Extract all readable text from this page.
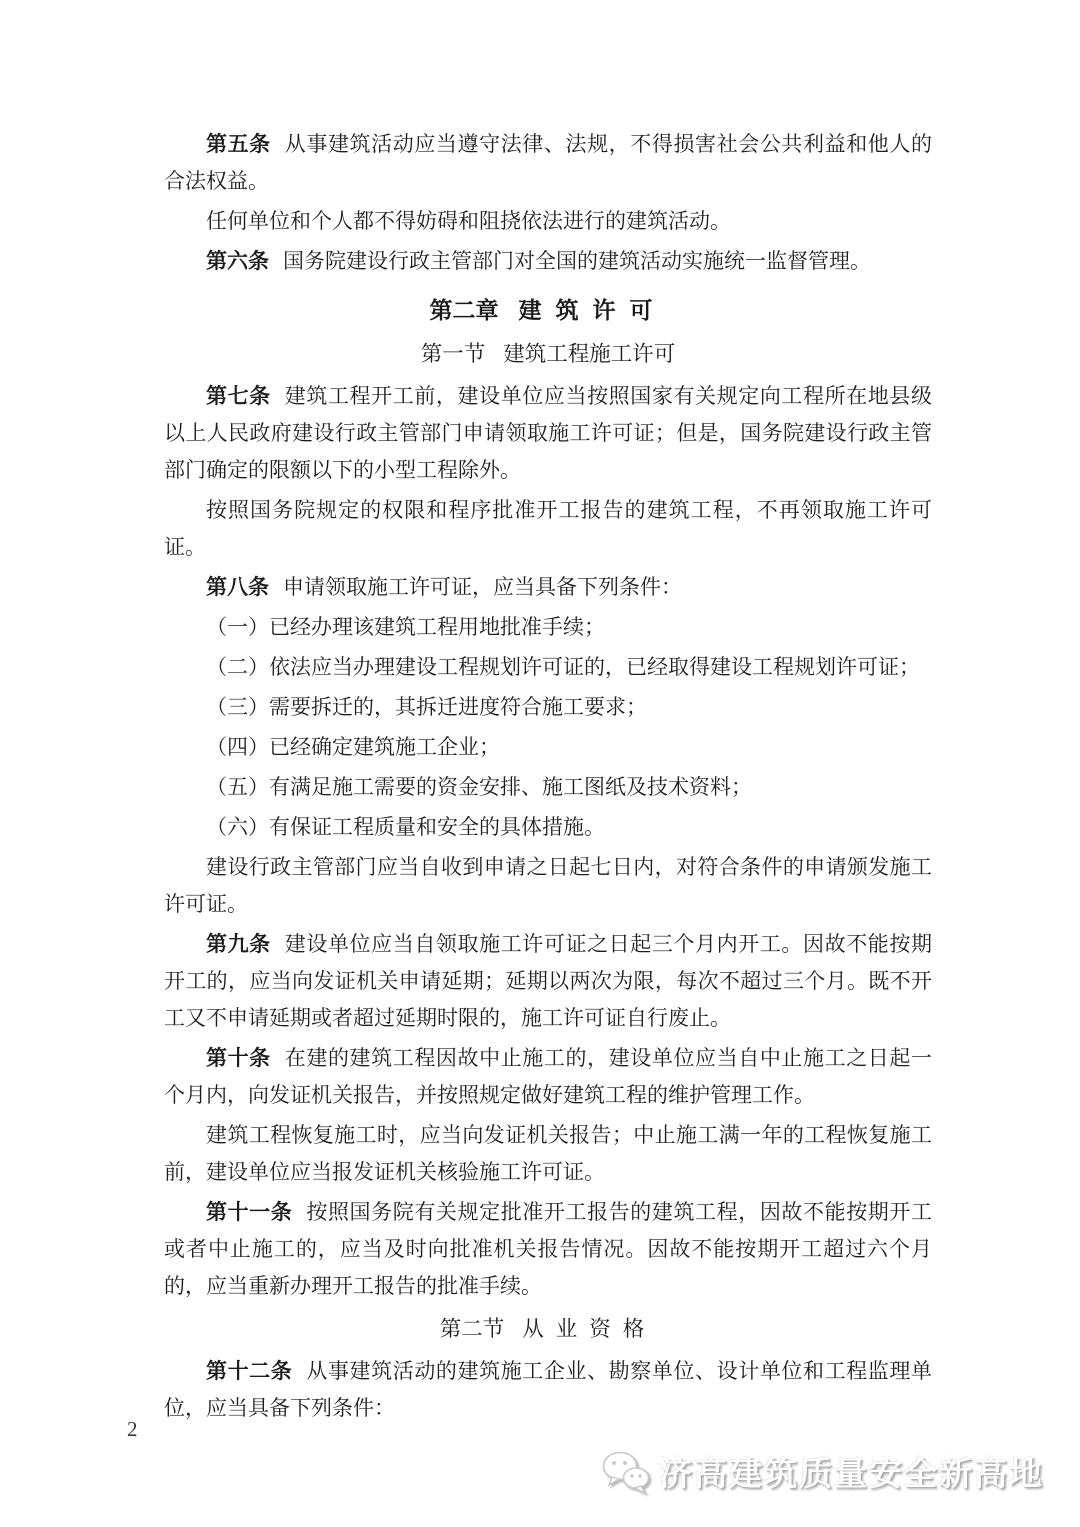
第五条 从事建筑活动应当遵守法律、法规，不得损害社会公共利益和他人的合法权益。

任何单位和个人都不得妨碍和阻挠依法进行的建筑活动。

第六条 国务院建设行政主管部门对全国的建筑活动实施统一监督管理。

第二章 建筑许可
第一节 建筑工程施工许可

第七条 建筑工程开工前，建设单位应当按照国家有关规定向工程所在地县级以上人民政府建设行政主管部门申请领取施工许可证；但是，国务院建设行政主管部门确定的限额以下的小型工程除外。

按照国务院规定的权限和程序批准开工报告的建筑工程，不再领取施工许可证。

第八条 申请领取施工许可证，应当具备下列条件：

（一）已经办理该建筑工程用地批准手续；

（二）依法应当办理建设工程规划许可证的，已经取得建设工程规划许可证；

（三）需要拆迁的，其拆迁进度符合施工要求；

（四）已经确定建筑施工企业；

（五）有满足施工需要的资金安排、施工图纸及技术资料；

（六）有保证工程质量和安全的具体措施。

建设行政主管部门应当自收到申请之日起七日内，对符合条件的申请颁发施工许可证。

第九条 建设单位应当自领取施工许可证之日起三个月内开工。因故不能按期开工的，应当向发证机关申请延期；延期以两次为限，每次不超过三个月。既不开工又不申请延期或者超过延期时限的，施工许可证自行废止。

第十条 在建的建筑工程因故中止施工的，建设单位应当自中止施工之日起一个月内，向发证机关报告，并按照规定做好建筑工程的维护管理工作。

建筑工程恢复施工时，应当向发证机关报告；中止施工满一年的工程恢复施工前，建设单位应当报发证机关核验施工许可证。

第十一条 按照国务院有关规定批准开工报告的建筑工程，因故不能按期开工或者中止施工的，应当及时向批准机关报告情况。因故不能按期开工超过六个月的，应当重新办理开工报告的批准手续。

第二节 从业资格

第十二条 从事建筑活动的建筑施工企业、勘察单位、设计单位和工程监理单位，应当具备下列条件：

2
济高建筑质量安全新高地
